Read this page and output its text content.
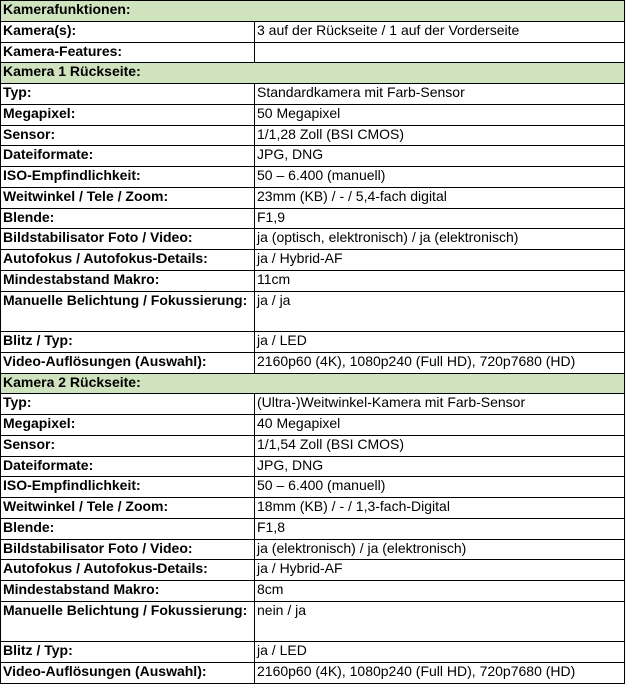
Kamerafunktionen:	
Kamera(s):	3 auf der Rückseite / 1 auf der Vorderseite
Kamera-Features:	
Kamera 1 Rückseite:	
Typ:	Standardkamera mit Farb-Sensor
Megapixel:	50 Megapixel
Sensor:	1/1,28 Zoll (BSI CMOS)
Dateiformate:	JPG, DNG
ISO-Empfindlichkeit:	50 – 6.400 (manuell)
Weitwinkel / Tele / Zoom:	23mm (KB) / - / 5,4-fach digital
Blende:	F1,9
Bildstabilisator Foto / Video:	ja (optisch, elektronisch) / ja (elektronisch)
Autofokus / Autofokus-Details:	ja / Hybrid-AF
Mindestabstand Makro:	11cm
Manuelle Belichtung / Fokussierung:	ja / ja
Blitz / Typ:	ja / LED
Video-Auflösungen (Auswahl):	2160p60 (4K), 1080p240 (Full HD), 720p7680 (HD)
Kamera 2 Rückseite:	
Typ:	(Ultra-)Weitwinkel-Kamera mit Farb-Sensor
Megapixel:	40 Megapixel
Sensor:	1/1,54 Zoll (BSI CMOS)
Dateiformate:	JPG, DNG
ISO-Empfindlichkeit:	50 – 6.400 (manuell)
Weitwinkel / Tele / Zoom:	18mm (KB) / - / 1,3-fach-Digital
Blende:	F1,8
Bildstabilisator Foto / Video:	ja (elektronisch) / ja (elektronisch)
Autofokus / Autofokus-Details:	ja / Hybrid-AF
Mindestabstand Makro:	8cm
Manuelle Belichtung / Fokussierung:	nein / ja
Blitz / Typ:	ja / LED
Video-Auflösungen (Auswahl):	2160p60 (4K), 1080p240 (Full HD), 720p7680 (HD)
